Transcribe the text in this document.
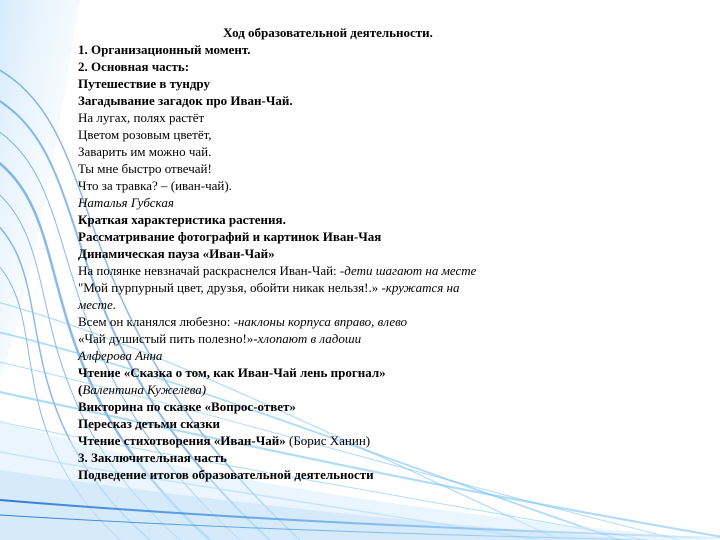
Ход образовательной деятельности.

1. Организационный момент.

2. Основная часть:

Путешествие в тундру

Загадывание загадок про Иван-Чай.

На лугах, полях растёт

Цветом розовым цветёт,

Заварить им можно чай.

Ты мне быстро отвечай!

Что за травка? – (иван-чай).

Наталья Губская

Краткая характеристика растения.

Рассматривание фотографий и картинок Иван-Чая

Динамическая пауза «Иван-Чай»

На полянке невзначай раскраснелся Иван-Чай: -дети шагают на месте

"Мой пурпурный цвет, друзья, обойти никак нельзя!.» -кружатся на

месте.

Всем он кланялся любезно: -наклоны корпуса вправо, влево

«Чай душистый пить полезно!»-хлопают в ладоши

Алферова Анна

Чтение «Сказка о том, как Иван-Чай лень прогнал»

(Валентина Кужелева)

Викторина по сказке «Вопрос-ответ»

Пересказ детьми сказки

Чтение стихотворения «Иван-Чай» (Борис Ханин)

3. Заключительная часть

Подведение итогов образовательной деятельности
